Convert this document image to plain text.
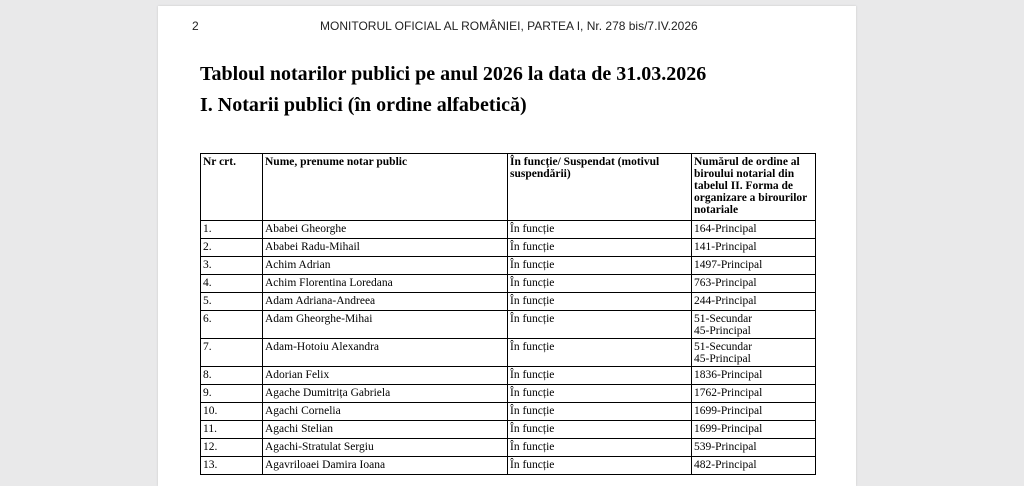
2	MONITORUL OFICIAL AL ROMÂNIEI, PARTEA I, Nr. 278 bis/7.IV.2026
Tabloul notarilor publici pe anul 2026 la data de 31.03.2026
I. Notarii publici (în ordine alfabetică)
Nr crt.	Nume, prenume notar public	În funcție/ Suspendat (motivul suspendării)	Numărul de ordine al biroului notarial din tabelul II. Forma de organizare a birourilor notariale
1.	Ababei Gheorghe	În funcție	164-Principal
2.	Ababei Radu-Mihail	În funcție	141-Principal
3.	Achim Adrian	În funcție	1497-Principal
4.	Achim Florentina Loredana	În funcție	763-Principal
5.	Adam Adriana-Andreea	În funcție	244-Principal
6.	Adam Gheorghe-Mihai	În funcție	51-Secundar
45-Principal
7.	Adam-Hotoiu Alexandra	În funcție	51-Secundar
45-Principal
8.	Adorian Felix	În funcție	1836-Principal
9.	Agache Dumitrița Gabriela	În funcție	1762-Principal
10.	Agachi Cornelia	În funcție	1699-Principal
11.	Agachi Stelian	În funcție	1699-Principal
12.	Agachi-Stratulat Sergiu	În funcție	539-Principal
13.	Agavriloaei Damira Ioana	În funcție	482-Principal
